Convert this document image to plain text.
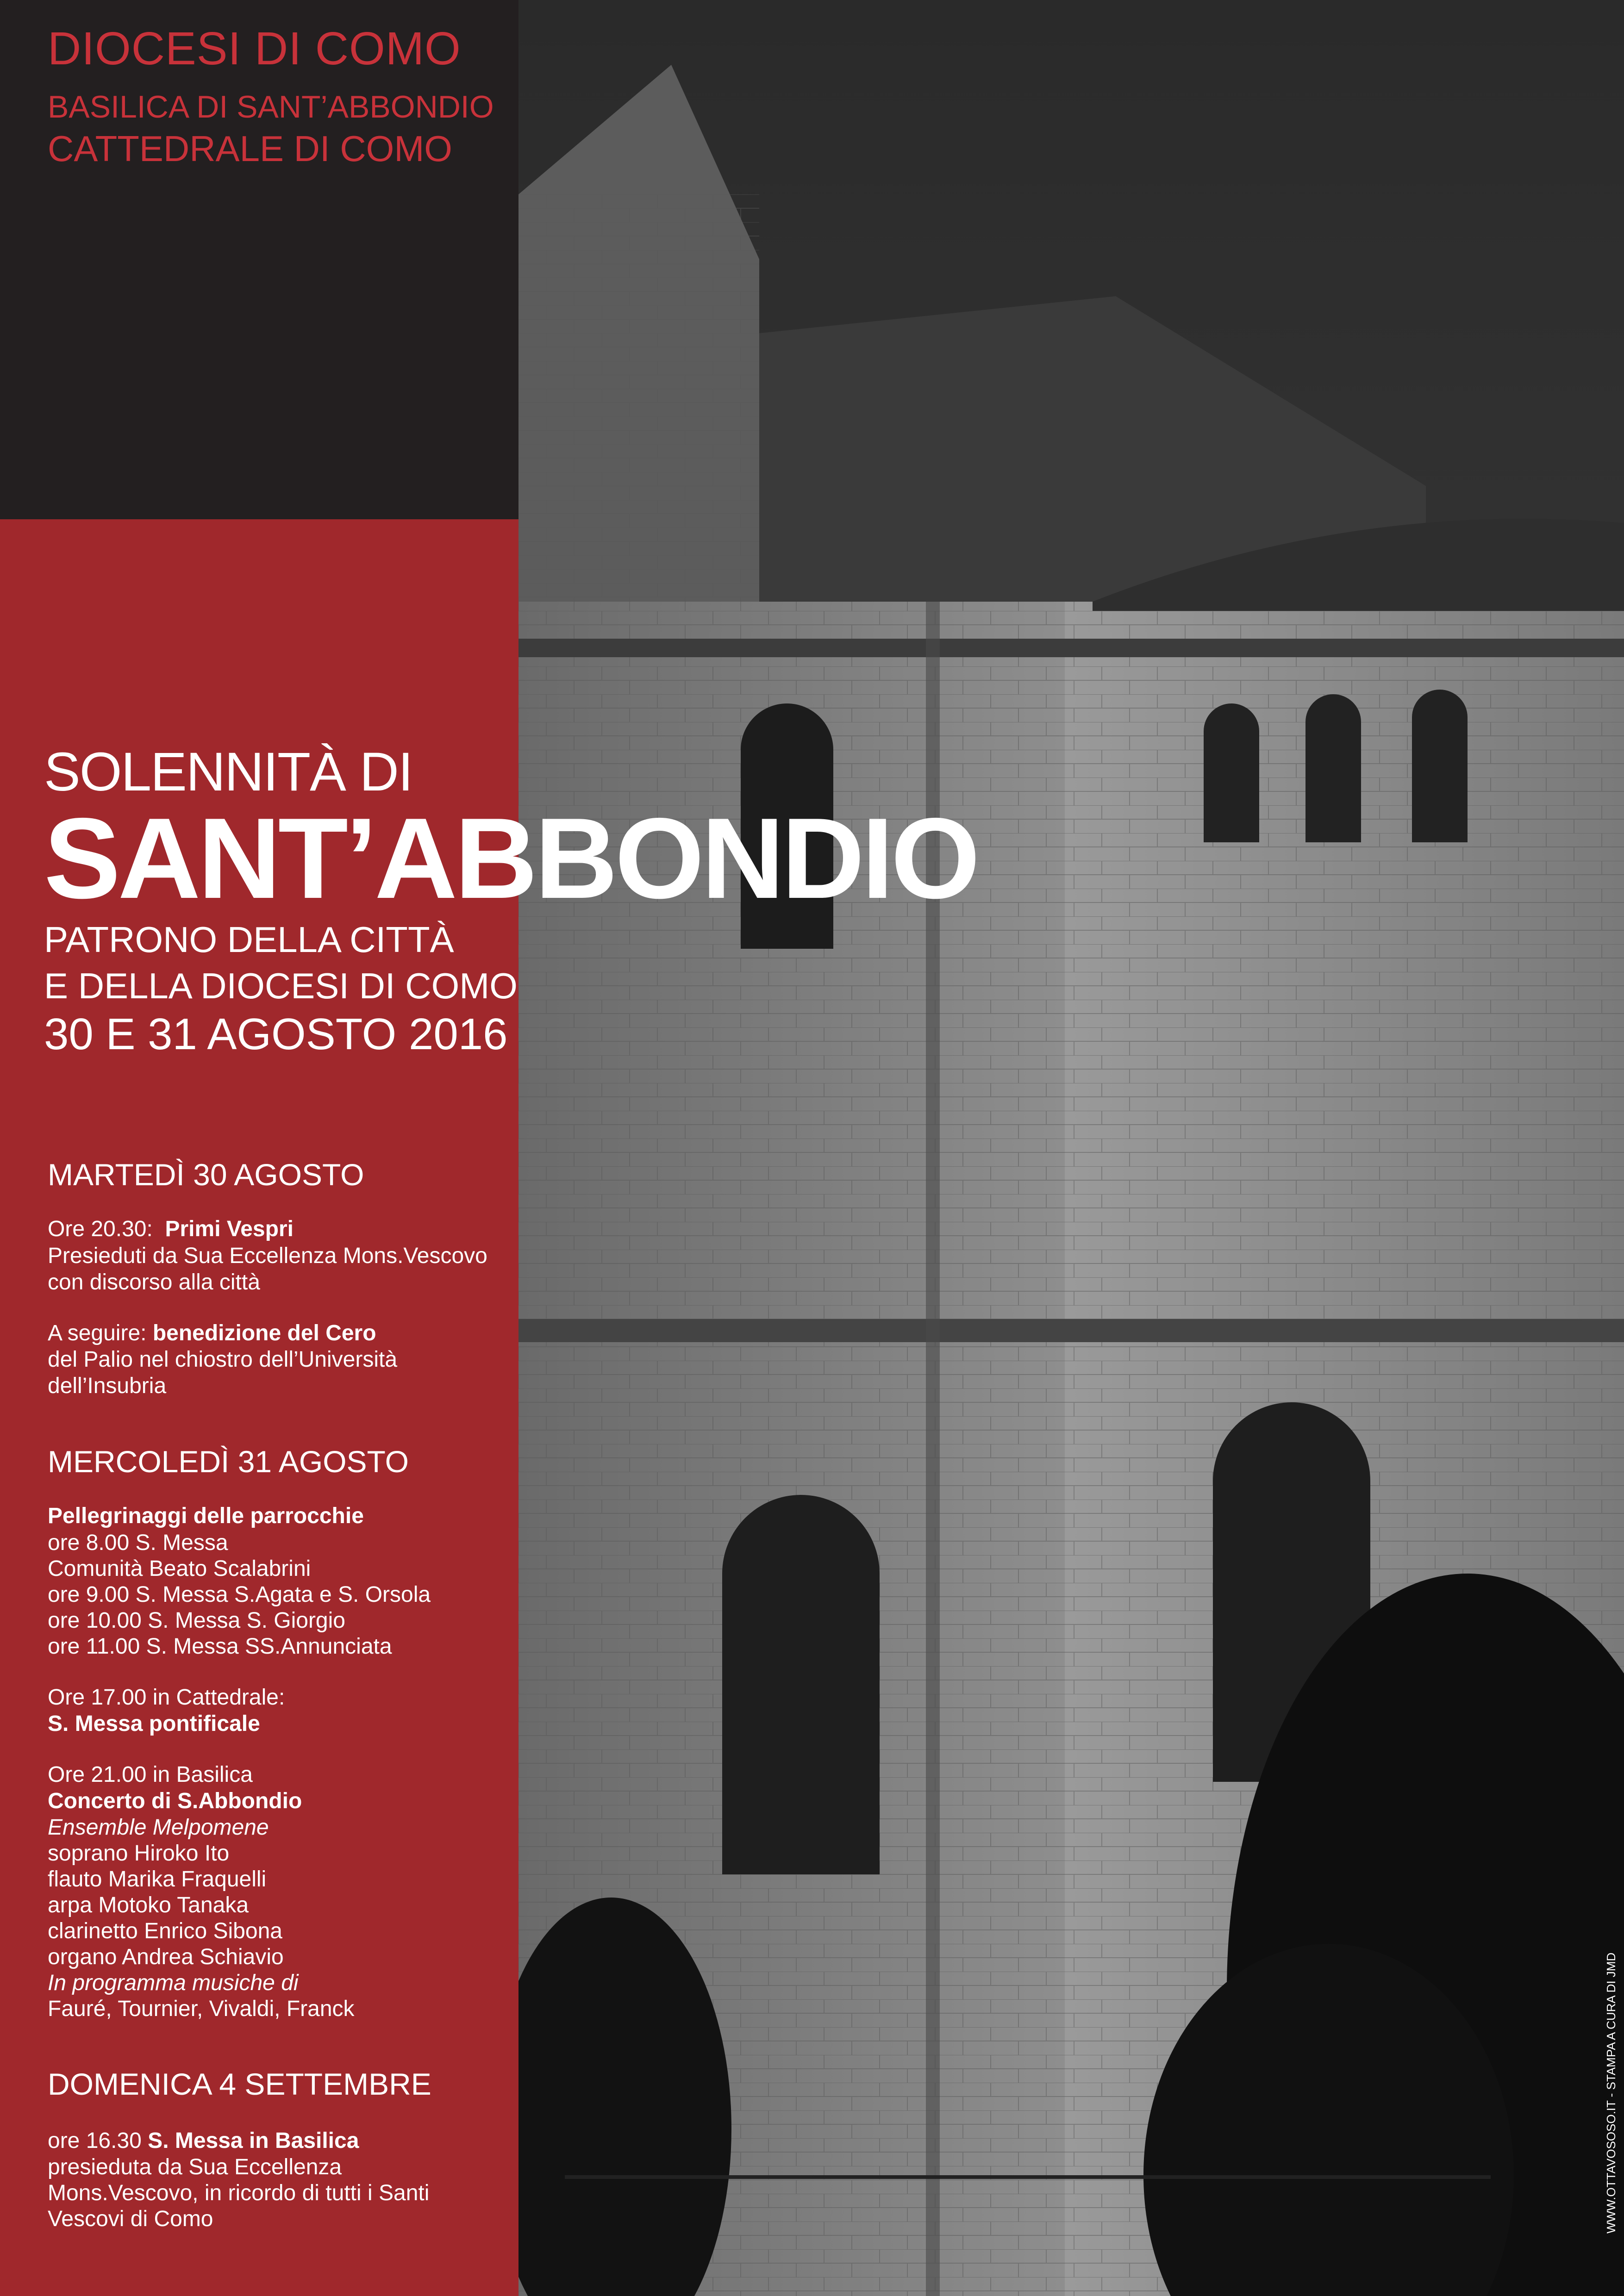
DIOCESI DI COMO

BASILICA DI SANT’ABBONDIO

CATTEDRALE DI COMO

SOLENNITÀ DI

SANT’ABBONDIO

PATRONO DELLA CITTÀ

E DELLA DIOCESI DI COMO

30 E 31 AGOSTO 2016

MARTEDÌ 30 AGOSTO

Ore 20.30: Primi Vespri

Presieduti da Sua Eccellenza Mons.Vescovo

con discorso alla città

A seguire: benedizione del Cero

del Palio nel chiostro dell’Università

dell’Insubria

MERCOLEDÌ 31 AGOSTO

Pellegrinaggi delle parrocchie

ore 8.00 S. Messa

Comunità Beato Scalabrini

ore 9.00 S. Messa S.Agata e S. Orsola

ore 10.00 S. Messa S. Giorgio

ore 11.00 S. Messa SS.Annunciata

Ore 17.00 in Cattedrale:

S. Messa pontificale

Ore 21.00 in Basilica

Concerto di S.Abbondio

Ensemble Melpomene

soprano Hiroko Ito

flauto Marika Fraquelli

arpa Motoko Tanaka

clarinetto Enrico Sibona

organo Andrea Schiavio

In programma musiche di

Fauré, Tournier, Vivaldi, Franck

DOMENICA 4 SETTEMBRE

ore 16.30 S. Messa in Basilica

presieduta da Sua Eccellenza

Mons.Vescovo, in ricordo di tutti i Santi

Vescovi di Como	WWW.OTTAVOSOSO.IT - STAMPA A CURA DI JMD
